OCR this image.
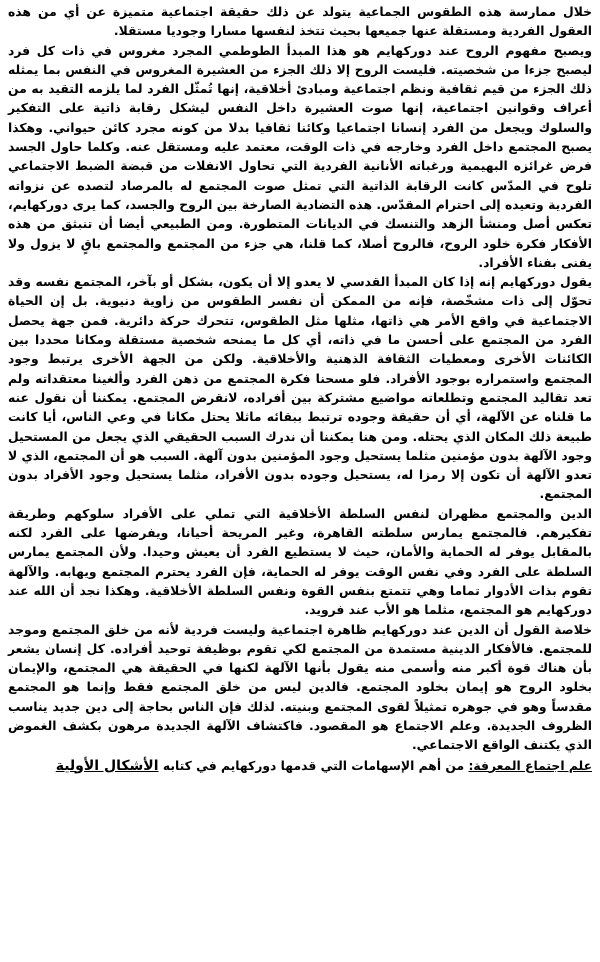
خلال ممارسة هذه الطقوس الجماعية يتولد عن ذلك حقيقة اجتماعية متميزة عن أي من هذه العقول الفردية ومستقلة عنها جميعها بحيث تتخذ لنفسها مسارا وجوديا مستقلا.

ويصبح مفهوم الروح عند دوركهايم هو هذا المبدأ الطوطمي المجرد مغروس في ذات كل فرد ليصبح جزءا من شخصيته. فليست الروح إلا ذلك الجزء من العشيرة المغروس في النفس بما يمثله ذلك الجزء من قيم ثقافية ونظم اجتماعية ومبادئ أخلاقية، إنها تُمثّل الفرد لما يلزمه التقيد به من أعراف وقوانين اجتماعية، إنها صوت العشيرة داخل النفس ليشكل رقابة ذاتية على التفكير والسلوك ويجعل من الفرد إنسانا اجتماعيا وكائنا ثقافيا بدلا من كونه مجرد كائن حيواني. وهكذا يصبح المجتمع داخل الفرد وخارجه في ذات الوقت، معتمد عليه ومستقل عنه. وكلما حاول الجسد فرض غرائزه البهيمية ورغباته الأنانية الفردية التي تحاول الانفلات من قبضة الضبط الاجتماعي تلوح في المدّس كانت الرقابة الذاتية التي تمثل صوت المجتمع له بالمرصاد لتصده عن نزواته الفردية وتعيده إلى احترام المقدّس. هذه التضادية الصارخة بين الروح والجسد، كما يرى دوركهايم، تعكس أصل ومنشأ الزهد والتنسك في الديانات المتطورة. ومن الطبيعي أيضا أن تنبثق من هذه الأفكار فكرة خلود الروح، فالروح أصلا، كما قلنا، هي جزء من المجتمع والمجتمع باقٍ لا يزول ولا يفنى بفناء الأفراد.

يقول دوركهايم إنه إذا كان المبدأ القدسي لا يعدو إلا أن يكون، بشكل أو بآخر، المجتمع نفسه وقد تحوّل إلى ذات مشخّصة، فإنه من الممكن أن نفسر الطقوس من زاوية دنيوية. بل إن الحياة الاجتماعية في واقع الأمر هي ذاتها، مثلها مثل الطقوس، تتحرك حركة دائرية. فمن جهة يحصل الفرد من المجتمع على أحسن ما في ذاته، أي كل ما يمنحه شخصية مستقلة ومكانا محددا بين الكائنات الأخرى ومعطيات الثقافة الذهنية والأخلاقية. ولكن من الجهة الأخرى يرتبط وجود المجتمع واستمراره بوجود الأفراد. فلو مسحنا فكرة المجتمع من ذهن الفرد وألغينا معتقداته ولم تعد تقاليد المجتمع وتطلعاته مواضيع مشتركة بين أفراده، لانقرض المجتمع. يمكننا أن نقول عنه ما قلناه عن الآلهة، أي أن حقيقة وجوده ترتبط ببقائه ماثلا يحتل مكانا في وعي الناس، أيا كانت طبيعة ذلك المكان الذي يحتله. ومن هنا يمكننا أن ندرك السبب الحقيقي الذي يجعل من المستحيل وجود الآلهة بدون مؤمنين مثلما يستحيل وجود المؤمنين بدون آلهة. السبب هو أن المجتمع، الذي لا تعدو الآلهة أن تكون إلا رمزا له، يستحيل وجوده بدون الأفراد، مثلما يستحيل وجود الأفراد بدون المجتمع.

الدين والمجتمع مظهران لنفس السلطة الأخلاقية التي تملي على الأفراد سلوكهم وطريقة تفكيرهم. فالمجتمع يمارس سلطته القاهرة، وغير المريحة أحيانا، ويفرضها على الفرد لكنه بالمقابل يوفر له الحماية والأمان، حيث لا يستطيع الفرد أن يعيش وحيدا. ولأن المجتمع يمارس السلطة على الفرد وفي نفس الوقت يوفر له الحماية، فإن الفرد يحترم المجتمع ويهابه. والآلهة تقوم بذات الأدوار تماما وهي تتمتع بنفس القوة ونفس السلطة الأخلاقية. وهكذا نجد أن الله عند دوركهايم هو المجتمع، مثلما هو الأب عند فرويد.

خلاصة القول أن الدين عند دوركهايم ظاهرة اجتماعية وليست فردية لأنه من خلق المجتمع وموجد للمجتمع. فالأفكار الدينية مستمدة من المجتمع لكي تقوم بوظيفة توحيد أفراده. كل إنسان يشعر بأن هناك قوة أكبر منه وأسمى منه يقول بأنها الآلهة لكنها في الحقيقة هي المجتمع، والإيمان بخلود الروح هو إيمان بخلود المجتمع. فالدين ليس من خلق المجتمع فقط وإنما هو المجتمع مقدساً وهو في جوهره تمثيلاً لقوى المجتمع وبنيته. لذلك فإن الناس بحاجة إلى دين جديد يناسب الظروف الجديدة. وعلم الاجتماع هو المقصود. فاكتشاف الآلهة الجديدة مرهون بكشف الغموض الذي يكتنف الواقع الاجتماعي.

علم اجتماع المعرفة: من أهم الإسهامات التي قدمها دوركهايم في كتابه الأشكال الأولية
